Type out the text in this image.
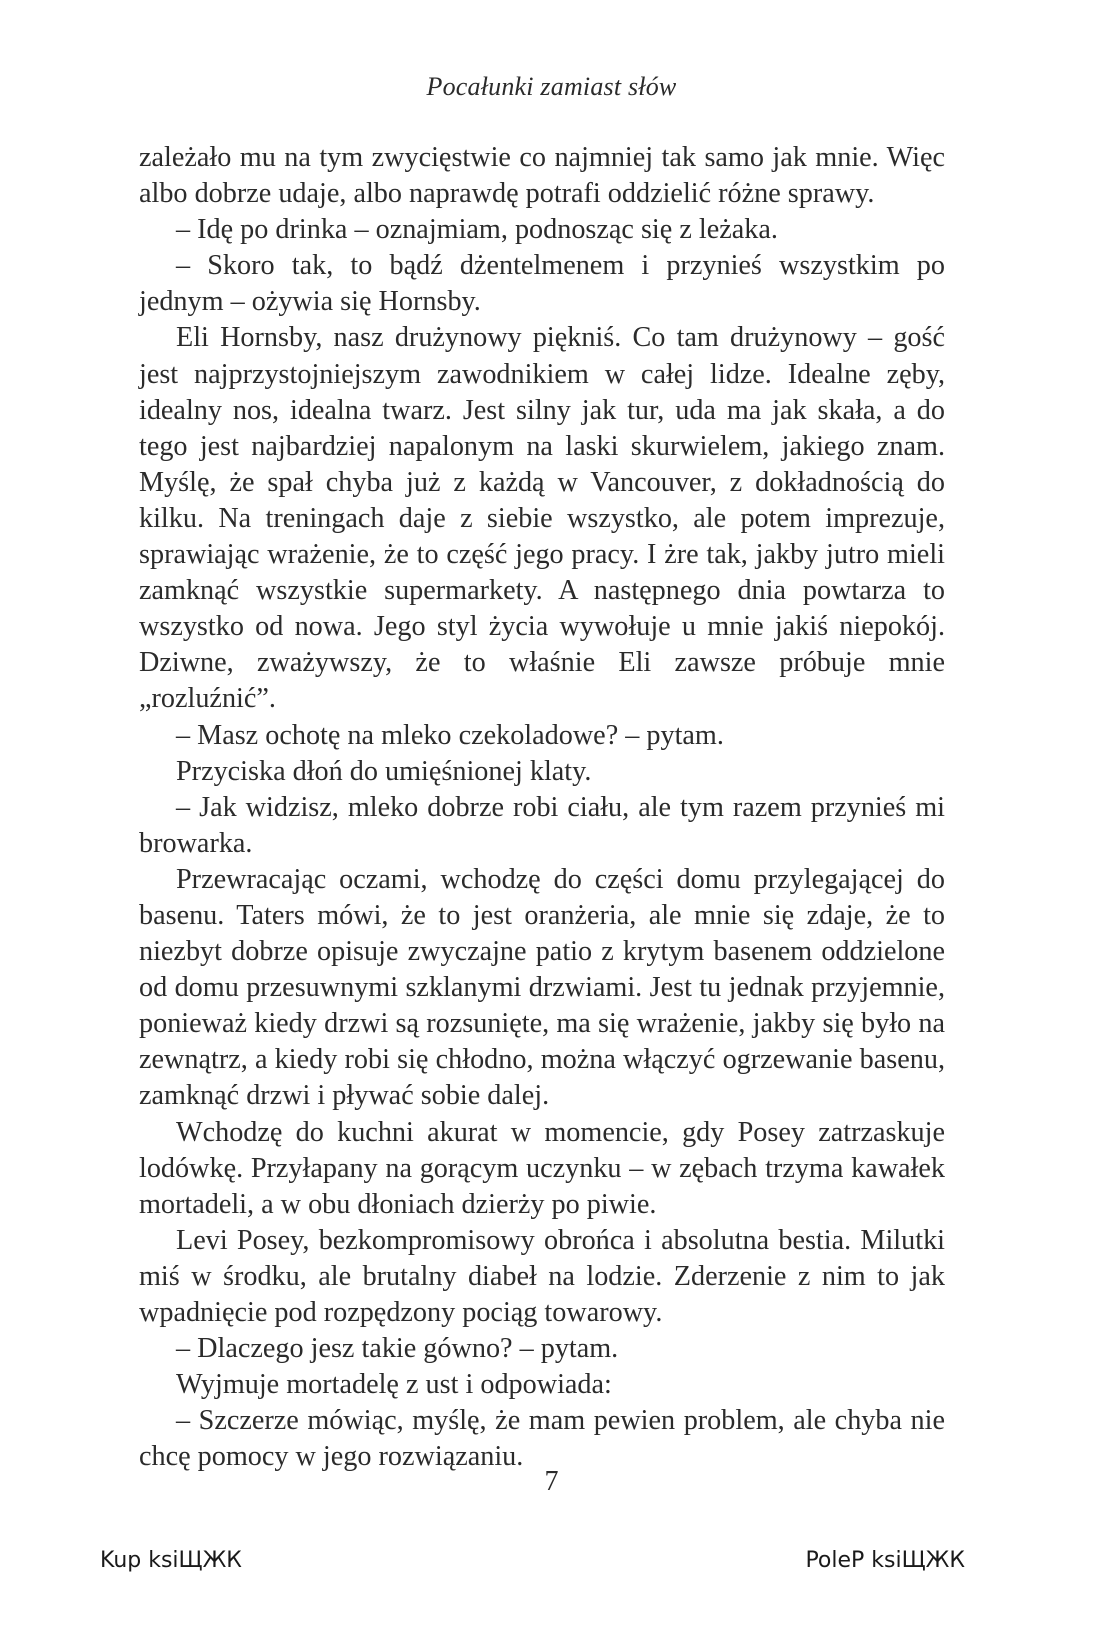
Pocałunki zamiast słów

zależało mu na tym zwycięstwie co najmniej tak samo jak mnie. Więc albo dobrze udaje, albo naprawdę potrafi oddzielić różne sprawy.

– Idę po drinka – oznajmiam, podnosząc się z leżaka.

– Skoro tak, to bądź dżentelmenem i przynieś wszystkim po jednym – ożywia się Hornsby.

Eli Hornsby, nasz drużynowy piękniś. Co tam drużynowy – gość jest najprzystojniejszym zawodnikiem w całej lidze. Idealne zęby, idealny nos, idealna twarz. Jest silny jak tur, uda ma jak skała, a do tego jest najbardziej napalonym na laski skurwielem, jakiego znam. Myślę, że spał chyba już z każdą w Vancouver, z dokładnością do kilku. Na treningach daje z siebie wszystko, ale potem imprezuje, sprawiając wrażenie, że to część jego pracy. I żre tak, jakby jutro mieli zamknąć wszystkie supermarkety. A następnego dnia powtarza to wszystko od nowa. Jego styl życia wywołuje u mnie jakiś niepokój. Dziwne, zważywszy, że to właśnie Eli zawsze próbuje mnie „rozluźnić”.

– Masz ochotę na mleko czekoladowe? – pytam.

Przyciska dłoń do umięśnionej klaty.

– Jak widzisz, mleko dobrze robi ciału, ale tym razem przynieś mi browarka.

Przewracając oczami, wchodzę do części domu przylegającej do basenu. Taters mówi, że to jest oranżeria, ale mnie się zdaje, że to niezbyt dobrze opisuje zwyczajne patio z krytym basenem oddzielone od domu przesuwnymi szklanymi drzwiami. Jest tu jednak przyjemnie, ponieważ kiedy drzwi są rozsunięte, ma się wrażenie, jakby się było na zewnątrz, a kiedy robi się chłodno, można włączyć ogrzewanie basenu, zamknąć drzwi i pływać sobie dalej.

Wchodzę do kuchni akurat w momencie, gdy Posey zatrzaskuje lodówkę. Przyłapany na gorącym uczynku – w zębach trzyma kawałek mortadeli, a w obu dłoniach dzierży po piwie.

Levi Posey, bezkompromisowy obrońca i absolutna bestia. Milutki miś w środku, ale brutalny diabeł na lodzie. Zderzenie z nim to jak wpadnięcie pod rozpędzony pociąg towarowy.

– Dlaczego jesz takie gówno? – pytam.

Wyjmuje mortadelę z ust i odpowiada:

– Szczerze mówiąc, myślę, że mam pewien problem, ale chyba nie chcę pomocy w jego rozwiązaniu.

7
Kup ksiЩЖК	PoleР ksiЩЖК
